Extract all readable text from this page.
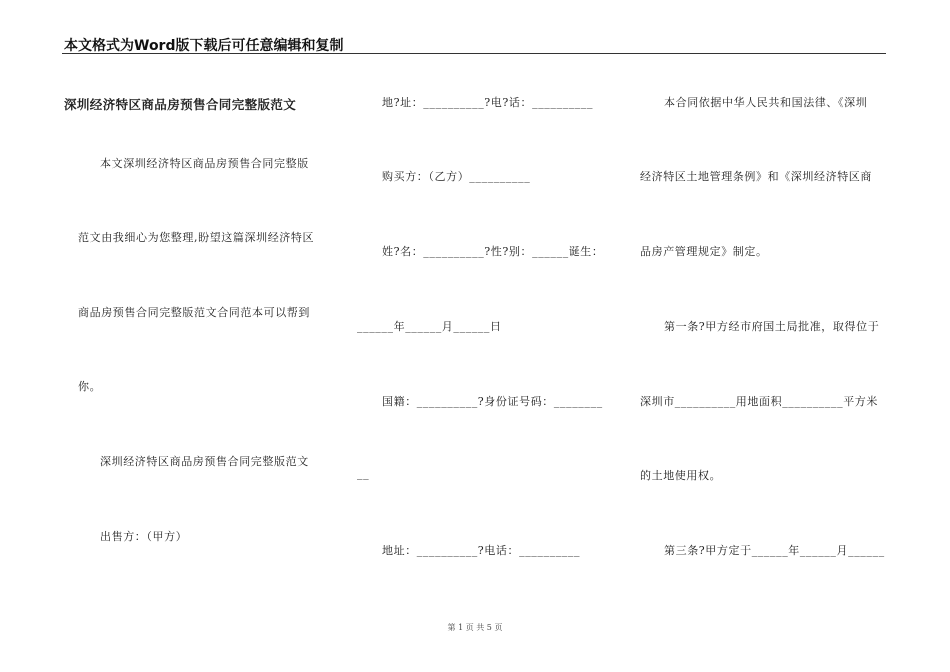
本文格式为Word版下载后可任意编辑和复制
深圳经济特区商品房预售合同完整版范文
本文深圳经济特区商品房预售合同完整版
范文由我细心为您整理,盼望这篇深圳经济特区
商品房预售合同完整版范文合同范本可以帮到
你。
深圳经济特区商品房预售合同完整版范文
出售方：（甲方）
地?址：__________?电?话：__________
购买方：（乙方）__________
姓?名：__________?性?别：______诞生：
______年______月______日
国籍：__________?身份证号码：________
__
地址：__________?电话：__________
本合同依据中华人民共和国法律、《深圳
经济特区土地管理条例》和《深圳经济特区商
品房产管理规定》制定。
第一条?甲方经市府国土局批准，取得位于
深圳市__________用地面积__________平方米
的土地使用权。
第三条?甲方定于______年______月______
第 1 页 共 5 页
